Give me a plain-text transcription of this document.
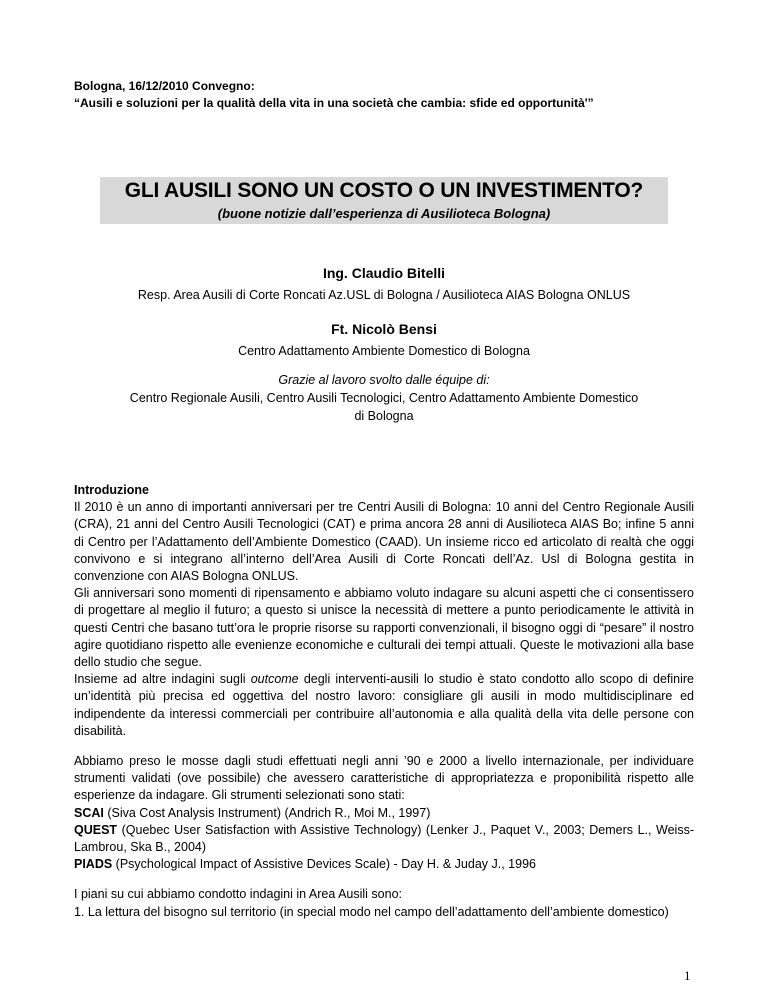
Bologna, 16/12/2010 Convegno:
“Ausili e soluzioni per la qualità della vita in una società che cambia: sfide ed opportunità'”
GLI AUSILI SONO UN COSTO O UN INVESTIMENTO?
(buone notizie dall’esperienza di Ausilioteca Bologna)
Ing. Claudio Bitelli
Resp. Area Ausili di Corte Roncati Az.USL di Bologna / Ausilioteca AIAS Bologna ONLUS
Ft. Nicolò Bensi
Centro Adattamento Ambiente Domestico di Bologna
Grazie al lavoro svolto dalle équipe di:
Centro Regionale Ausili, Centro Ausili Tecnologici, Centro Adattamento Ambiente Domestico
di Bologna

Introduzione

Il 2010 è un anno di importanti anniversari per tre Centri Ausili di Bologna: 10 anni del Centro Regionale Ausili (CRA), 21 anni del Centro Ausili Tecnologici (CAT) e prima ancora 28 anni di Ausilioteca AIAS Bo; infine 5 anni di Centro per l’Adattamento dell’Ambiente Domestico (CAAD). Un insieme ricco ed articolato di realtà che oggi convivono e si integrano all’interno dell’Area Ausili di Corte Roncati dell’Az. Usl di Bologna gestita in convenzione con AIAS Bologna ONLUS.

Gli anniversari sono momenti di ripensamento e abbiamo voluto indagare su alcuni aspetti che ci consentissero di progettare al meglio il futuro; a questo si unisce la necessità di mettere a punto periodicamente le attività in questi Centri che basano tutt’ora le proprie risorse su rapporti convenzionali, il bisogno oggi di “pesare” il nostro agire quotidiano rispetto alle evenienze economiche e culturali dei tempi attuali. Queste le motivazioni alla base dello studio che segue.

Insieme ad altre indagini sugli outcome degli interventi-ausili lo studio è stato condotto allo scopo di definire un’identità più precisa ed oggettiva del nostro lavoro: consigliare gli ausili in modo multidisciplinare ed indipendente da interessi commerciali per contribuire all’autonomia e alla qualità della vita delle persone con disabilità.

Abbiamo preso le mosse dagli studi effettuati negli anni ’90 e 2000 a livello internazionale, per individuare strumenti validati (ove possibile) che avessero caratteristiche di appropriatezza e proponibilità rispetto alle esperienze da indagare. Gli strumenti selezionati sono stati:

SCAI (Siva Cost Analysis Instrument) (Andrich R., Moi M., 1997)

QUEST (Quebec User Satisfaction with Assistive Technology) (Lenker J., Paquet V., 2003; Demers L., Weiss-Lambrou, Ska B., 2004)

PIADS (Psychological Impact of Assistive Devices Scale) - Day H. & Juday J., 1996

I piani su cui abbiamo condotto indagini in Area Ausili sono:

1. La lettura del bisogno sul territorio (in special modo nel campo dell’adattamento dell’ambiente domestico)

1
